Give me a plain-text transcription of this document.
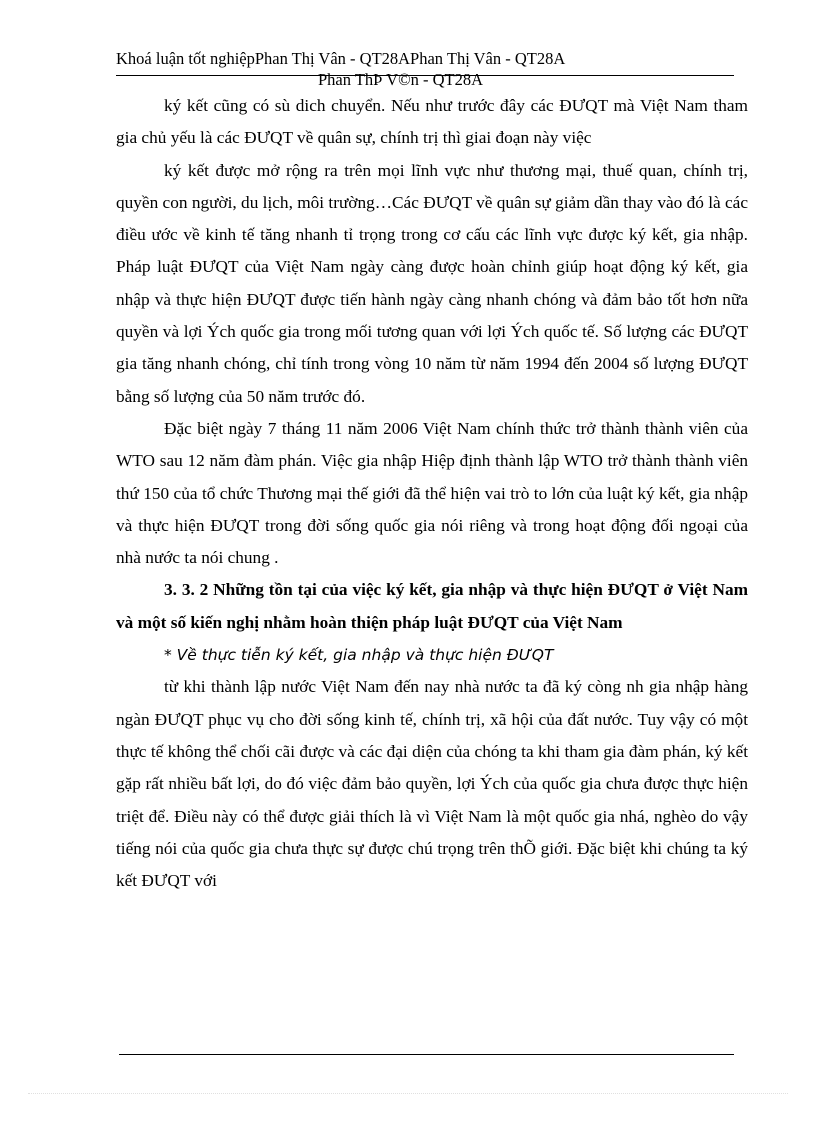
Khoá luận tốt nghiệpPhan Thị Vân - QT28APhan Thị Vân - QT28A
Phan ThÞ V©n - QT28A

ký kết cũng có sù dich chuyển. Nếu như trước đây các ĐƯQT mà Việt Nam tham gia chủ yếu là các ĐƯQT về quân sự, chính trị thì giai đoạn này việc

ký kết được mở rộng ra trên mọi lĩnh vực như thương mại, thuế quan, chính trị, quyền con người, du lịch, môi trường…Các ĐƯQT về quân sự giảm dần thay vào đó là các điều ước về kinh tế tăng nhanh tỉ trọng trong cơ cấu các lĩnh vực được ký kết, gia nhập. Pháp luật ĐƯQT của Việt Nam ngày càng được hoàn chỉnh giúp hoạt động ký kết, gia nhập và thực hiện ĐƯQT được tiến hành ngày càng nhanh chóng và đảm bảo tốt hơn nữa quyền và lợi Ých quốc gia trong mối tương quan với lợi Ých quốc tế. Số lượng các ĐƯQT gia tăng nhanh chóng, chỉ tính trong vòng 10 năm từ năm 1994 đến 2004 số lượng ĐƯQT bằng số lượng của 50 năm trước đó.

Đặc biệt ngày 7 tháng 11 năm 2006 Việt Nam chính thức trở thành thành viên của WTO sau 12 năm đàm phán. Việc gia nhập Hiệp định thành lập WTO trở thành thành viên thứ 150 của tổ chức Thương mại thế giới đã thể hiện vai trò to lớn của luật ký kết, gia nhập và thực hiện ĐƯQT trong đời sống quốc gia nói riêng và trong hoạt động đối ngoại của nhà nước ta nói chung .

3. 3. 2 Những tồn tại của việc ký kết, gia nhập và thực hiện ĐƯQT ở Việt Nam và một số kiến nghị nhằm hoàn thiện pháp luật ĐƯQT của Việt Nam

* Về thực tiễn ký kết, gia nhập và thực hiện ĐƯQT

từ khi thành lập nước Việt Nam đến nay nhà nước ta đã ký còng nh gia nhập hàng ngàn ĐƯQT phục vụ cho đời sống kinh tế, chính trị, xã hội của đất nước. Tuy vậy có một thực tế không thể chối cãi được và các đại diện của chóng ta khi tham gia đàm phán, ký kết gặp rất nhiều bất lợi, do đó việc đảm bảo quyền, lợi Ých của quốc gia chưa được thực hiện triệt để. Điều này có thể được giải thích là vì Việt Nam là một quốc gia nhá, nghèo do vậy tiếng nói của quốc gia chưa thực sự được chú trọng trên thÕ giới. Đặc biệt khi chúng ta ký kết ĐƯQT với
